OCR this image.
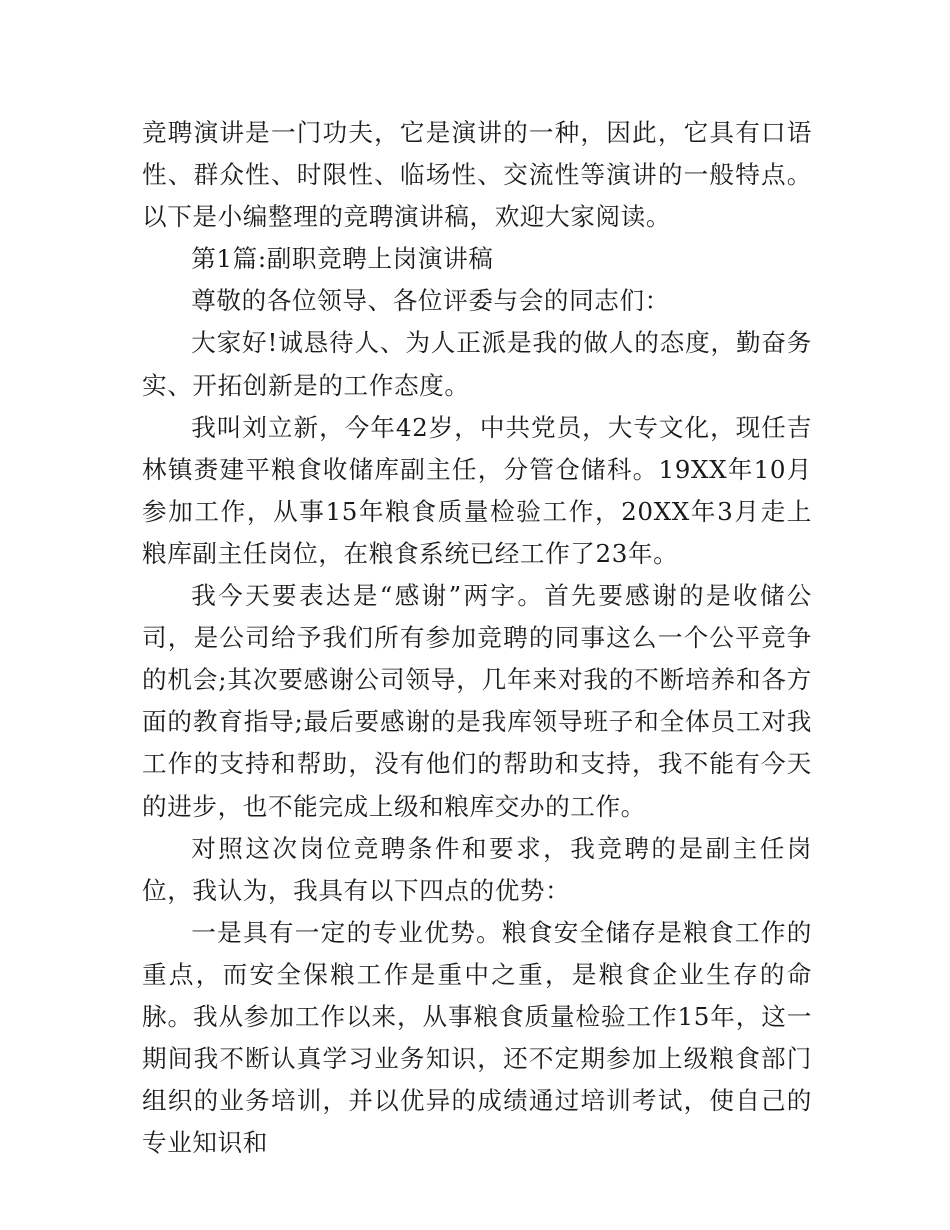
竞聘演讲是一门功夫，它是演讲的一种，因此，它具有口语性、群众性、时限性、临场性、交流性等演讲的一般特点。以下是小编整理的竞聘演讲稿，欢迎大家阅读。

第1篇:副职竞聘上岗演讲稿

尊敬的各位领导、各位评委与会的同志们：

大家好!诚恳待人、为人正派是我的做人的态度，勤奋务实、开拓创新是的工作态度。

我叫刘立新，今年42岁，中共党员，大专文化，现任吉林镇赉建平粮食收储库副主任，分管仓储科。19XX年10月参加工作，从事15年粮食质量检验工作，20XX年3月走上粮库副主任岗位，在粮食系统已经工作了23年。

我今天要表达是“感谢”两字。首先要感谢的是收储公司，是公司给予我们所有参加竞聘的同事这么一个公平竞争的机会;其次要感谢公司领导，几年来对我的不断培养和各方面的教育指导;最后要感谢的是我库领导班子和全体员工对我工作的支持和帮助，没有他们的帮助和支持，我不能有今天的进步，也不能完成上级和粮库交办的工作。

对照这次岗位竞聘条件和要求，我竞聘的是副主任岗位，我认为，我具有以下四点的优势：

一是具有一定的专业优势。粮食安全储存是粮食工作的重点，而安全保粮工作是重中之重，是粮食企业生存的命脉。我从参加工作以来，从事粮食质量检验工作15年，这一期间我不断认真学习业务知识，还不定期参加上级粮食部门组织的业务培训，并以优异的成绩通过培训考试，使自己的专业知识和
